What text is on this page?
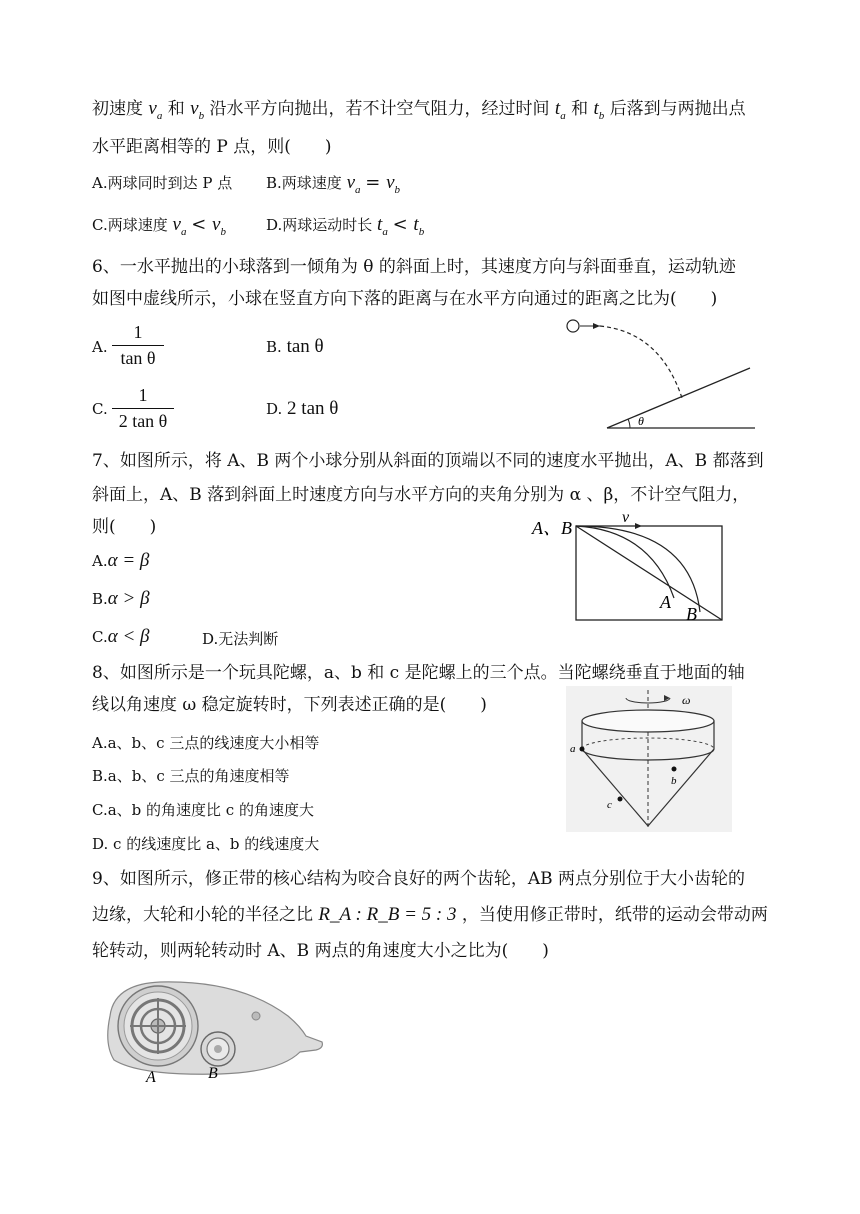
初速度 $v_a$ 和 $v_b$ 沿水平方向抛出，若不计空气阻力，经过时间 $t_a$ 和 $t_b$ 后落到与两抛出点
水平距离相等的 P 点，则(　　)
A.两球同时到达 P 点 B.两球速度 $v_a = v_b$
C.两球速度 $v_a < v_b$	D.两球运动时长 $t_a < t_b$
6、一水平抛出的小球落到一倾角为 θ 的斜面上时，其速度方向与斜面垂直，运动轨迹
如图中虚线所示，小球在竖直方向下落的距离与在水平方向通过的距离之比为(　　)
A.
1
tan θ
B. tan θ
C.
1
2 tan θ
D. 2 tan θ
θ
7、如图所示，将 A、B 两个小球分别从斜面的顶端以不同的速度水平抛出，A、B 都落到
斜面上，A、B 落到斜面上时速度方向与水平方向的夹角分别为 α 、β，不计空气阻力，
则(　　)
A.α = β
B.α > β
C.α < β	D.无法判断
A、B
v
A
B
8、如图所示是一个玩具陀螺，a、b 和 c 是陀螺上的三个点。当陀螺绕垂直于地面的轴
线以角速度 ω 稳定旋转时，下列表述正确的是(　　)
A.a、b、c 三点的线速度大小相等
B.a、b、c 三点的角速度相等
C.a、b 的角速度比 c 的角速度大
D. c 的线速度比 a、b 的线速度大
ω
a
b
c
9、如图所示，修正带的核心结构为咬合良好的两个齿轮，AB 两点分别位于大小齿轮的
边缘，大轮和小轮的半径之比 R_A : R_B = 5 : 3 ，当使用修正带时，纸带的运动会带动两
轮转动，则两轮转动时 A、B 两点的角速度大小之比为(　　)
A	B
